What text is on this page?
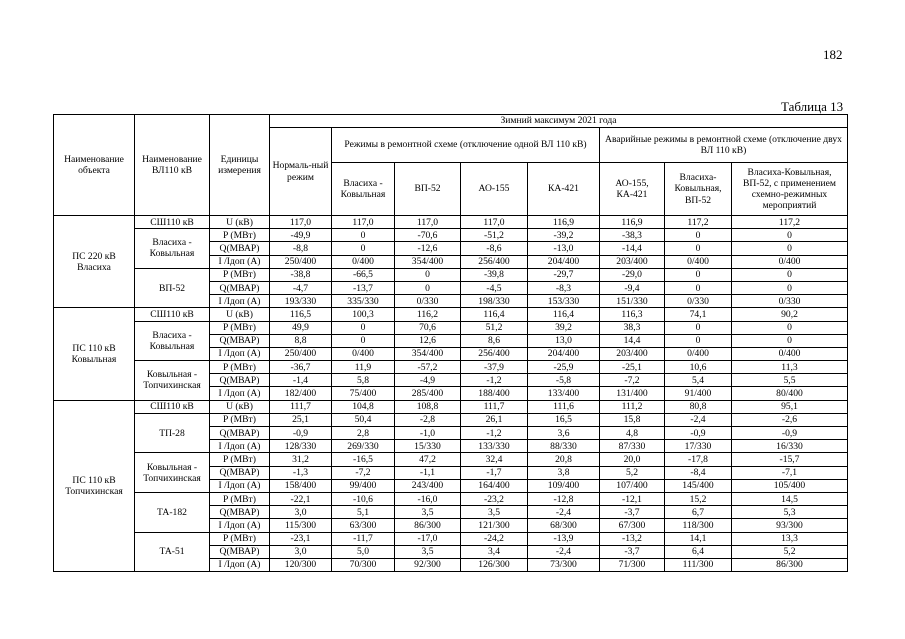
182
Таблица 13
Наименование объекта	Наименование ВЛ110 кВ	Единицы измерения	Зимний максимум 2021 года							
			Нормаль-ный режим	Режимы в ремонтной схеме (отключение одной ВЛ 110 кВ)				Аварийные режимы в ремонтной схеме (отключение двух ВЛ 110 кВ)		
				Власиха - Ковыльная	ВП-52	АО-155	КА-421	АО-155, КА-421	Власиха-Ковыльная, ВП-52	Власиха-Ковыльная, ВП-52, с применением схемно-режимных мероприятий
ПС 220 кВ Власиха	СШ110 кВ	U (кВ)	117,0	117,0	117,0	117,0	116,9	116,9	117,2	117,2
	Власиха - Ковыльная	P (МВт)	-49,9	0	-70,6	-51,2	-39,2	-38,3	0	0
		Q(МВАР)	-8,8	0	-12,6	-8,6	-13,0	-14,4	0	0
		I /Iдоп (А)	250/400	0/400	354/400	256/400	204/400	203/400	0/400	0/400
	ВП-52	P (МВт)	-38,8	-66,5	0	-39,8	-29,7	-29,0	0	0
		Q(МВАР)	-4,7	-13,7	0	-4,5	-8,3	-9,4	0	0
		I /Iдоп (А)	193/330	335/330	0/330	198/330	153/330	151/330	0/330	0/330
ПС 110 кВ Ковыльная	СШ110 кВ	U (кВ)	116,5	100,3	116,2	116,4	116,4	116,3	74,1	90,2
	Власиха - Ковыльная	P (МВт)	49,9	0	70,6	51,2	39,2	38,3	0	0
		Q(МВАР)	8,8	0	12,6	8,6	13,0	14,4	0	0
		I /Iдоп (А)	250/400	0/400	354/400	256/400	204/400	203/400	0/400	0/400
	Ковыльная - Топчихинская	P (МВт)	-36,7	11,9	-57,2	-37,9	-25,9	-25,1	10,6	11,3
		Q(МВАР)	-1,4	5,8	-4,9	-1,2	-5,8	-7,2	5,4	5,5
		I /Iдоп (А)	182/400	75/400	285/400	188/400	133/400	131/400	91/400	80/400
ПС 110 кВ Топчихинская	СШ110 кВ	U (кВ)	111,7	104,8	108,8	111,7	111,6	111,2	80,8	95,1
	ТП-28	P (МВт)	25,1	50,4	-2,8	26,1	16,5	15,8	-2,4	-2,6
		Q(МВАР)	-0,9	2,8	-1,0	-1,2	3,6	4,8	-0,9	-0,9
		I /Iдоп (А)	128/330	269/330	15/330	133/330	88/330	87/330	17/330	16/330
	Ковыльная - Топчихинская	P (МВт)	31,2	-16,5	47,2	32,4	20,8	20,0	-17,8	-15,7
		Q(МВАР)	-1,3	-7,2	-1,1	-1,7	3,8	5,2	-8,4	-7,1
		I /Iдоп (А)	158/400	99/400	243/400	164/400	109/400	107/400	145/400	105/400
	ТА-182	P (МВт)	-22,1	-10,6	-16,0	-23,2	-12,8	-12,1	15,2	14,5
		Q(МВАР)	3,0	5,1	3,5	3,5	-2,4	-3,7	6,7	5,3
		I /Iдоп (А)	115/300	63/300	86/300	121/300	68/300	67/300	118/300	93/300
	ТА-51	P (МВт)	-23,1	-11,7	-17,0	-24,2	-13,9	-13,2	14,1	13,3
		Q(МВАР)	3,0	5,0	3,5	3,4	-2,4	-3,7	6,4	5,2
		I /Iдоп (А)	120/300	70/300	92/300	126/300	73/300	71/300	111/300	86/300
